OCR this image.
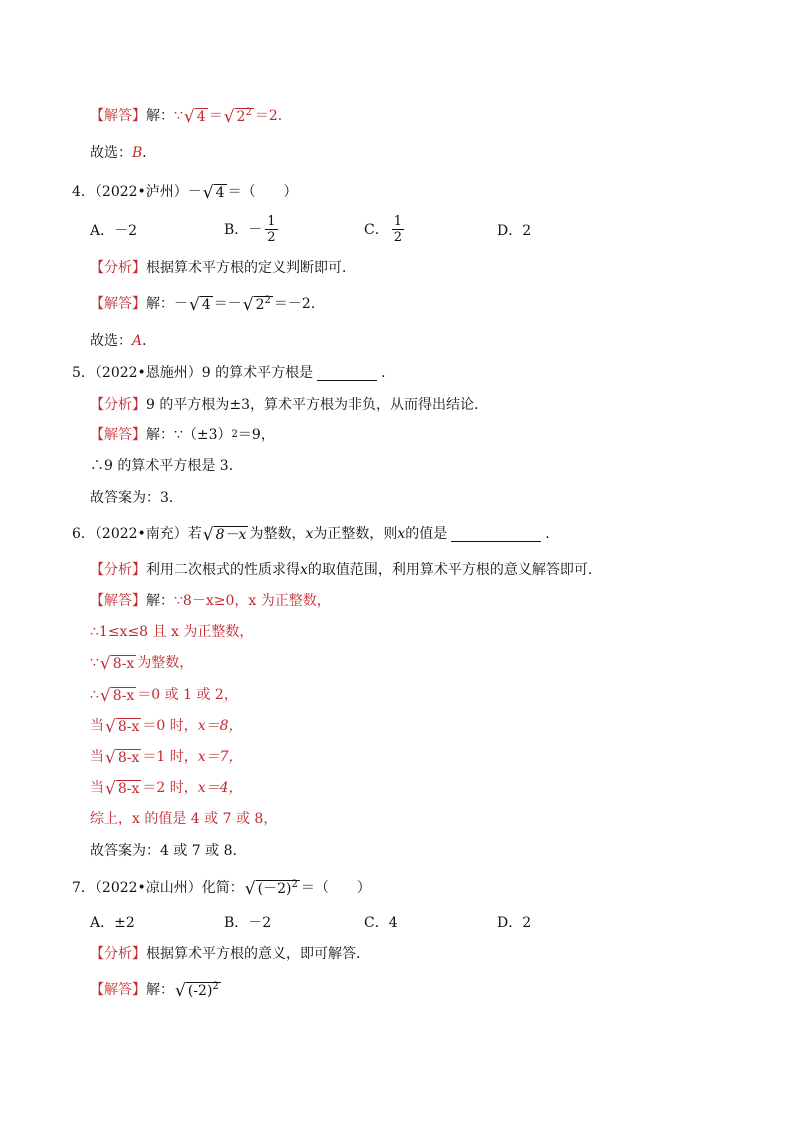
【解答】 解： ∵ √ 4 ＝ √ $2^2 =2$．
故选： B ．
4．（2022•泸州） － √ 4 ＝（　　）
A．－2	B．－ $\frac{1}{2}$	C． $\frac{1}{2}$	D．2
【分析】 根据算术平方根的定义判断即可．
【解答】 解： － √ 4 ＝－ √ $2^2 =-2$．
故选： A ．
5．（2022•恩施州）9 的算术平方根是	．
【分析】 9 的平方根为±3，算术平方根为非负，从而得出结论．
【解答】 解： ∵（±3） 2 ＝9，
∴9 的算术平方根是 3．
故答案为：3．
6．（2022•南充）若 √ 8－x 为整数， x 为正整数，则 x 的值是	．
【分析】 利用二次根式的性质求得 x 的取值范围，利用算术平方根的意义解答即可．
【解答】 解： ∵8－x≥0，x 为正整数，
∴1≤x≤8 且 x 为正整数，
∵ √ 8-x 为整数，
∴ √ 8-x ＝0 或 1 或 2，
当 √ 8-x ＝0 时， x＝8，
当 √ 8-x ＝1 时， x＝7，
当 √ 8-x ＝2 时， x＝4，
综上，x 的值是 4 或 7 或 8，
故答案为：4 或 7 或 8．
7．（2022•凉山州）化简： √ $(-2)^2$ ＝（　　）
A．±2	B．－2	C．4	D．2
【分析】 根据算术平方根的意义，即可解答．
【解答】 解： √ $(-2)^2$
